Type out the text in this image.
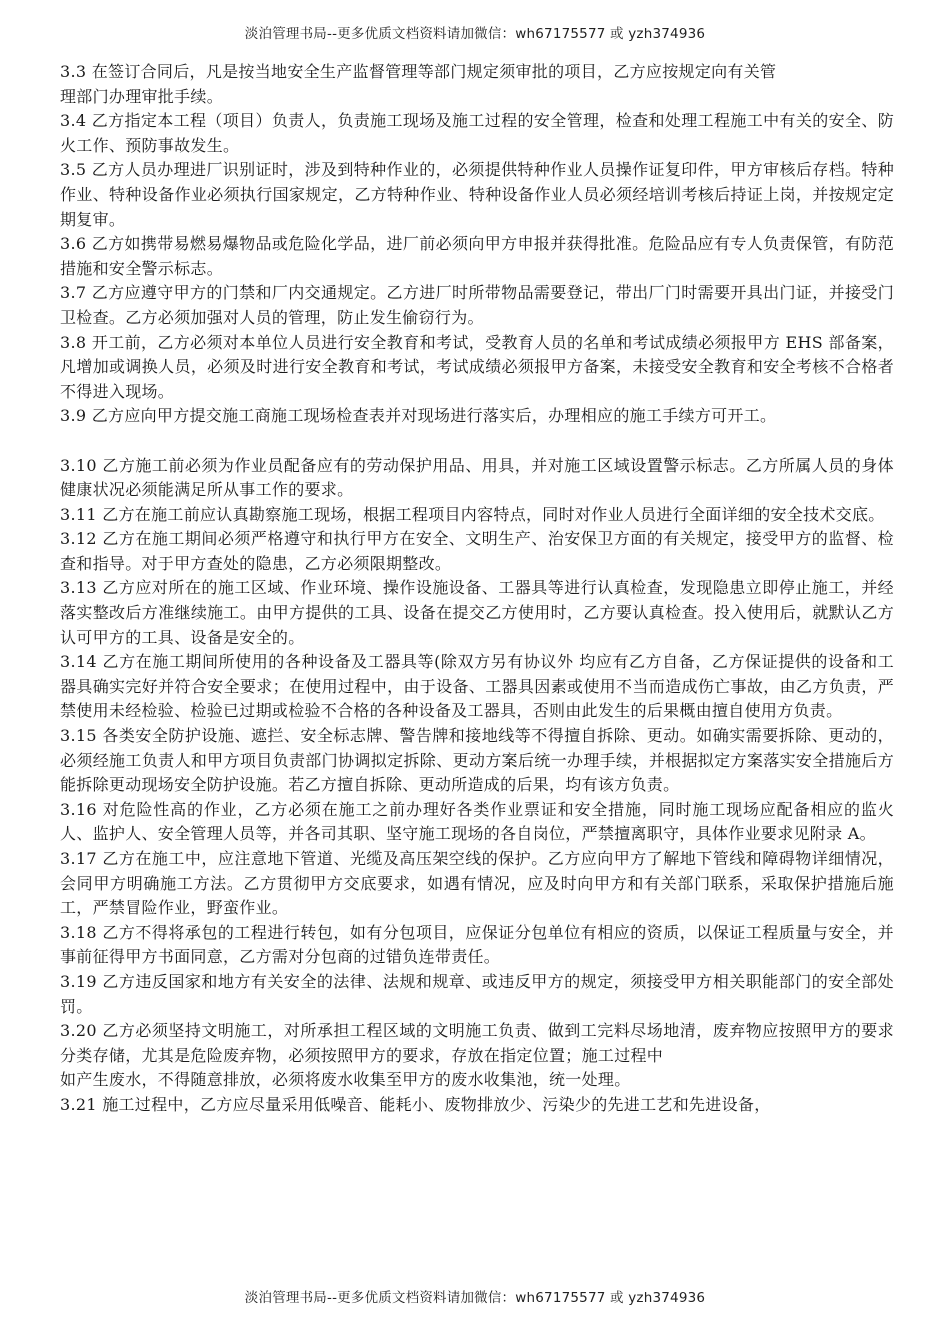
淡泊管理书局--更多优质文档资料请加微信：wh67175577 或 yzh374936

3.3 在签订合同后，凡是按当地安全生产监督管理等部门规定须审批的项目，乙方应按规定向有关管
理部门办理审批手续。

3.4 乙方指定本工程（项目）负责人，负责施工现场及施工过程的安全管理，检查和处理工程施工中有关的安全、防火工作、预防事故发生。

3.5 乙方人员办理进厂识别证时，涉及到特种作业的，必须提供特种作业人员操作证复印件，甲方审核后存档。特种作业、特种设备作业必须执行国家规定，乙方特种作业、特种设备作业人员必须经培训考核后持证上岗，并按规定定期复审。

3.6 乙方如携带易燃易爆物品或危险化学品，进厂前必须向甲方申报并获得批准。危险品应有专人负责保管，有防范措施和安全警示标志。

3.7 乙方应遵守甲方的门禁和厂内交通规定。乙方进厂时所带物品需要登记，带出厂门时需要开具出门证，并接受门卫检查。乙方必须加强对人员的管理，防止发生偷窃行为。

3.8 开工前，乙方必须对本单位人员进行安全教育和考试，受教育人员的名单和考试成绩必须报甲方 EHS 部备案，凡增加或调换人员，必须及时进行安全教育和考试，考试成绩必须报甲方备案，未接受安全教育和安全考核不合格者不得进入现场。

3.9 乙方应向甲方提交施工商施工现场检查表并对现场进行落实后，办理相应的施工手续方可开工。

3.10 乙方施工前必须为作业员配备应有的劳动保护用品、用具，并对施工区域设置警示标志。乙方所属人员的身体健康状况必须能满足所从事工作的要求。

3.11 乙方在施工前应认真勘察施工现场，根据工程项目内容特点，同时对作业人员进行全面详细的安全技术交底。

3.12 乙方在施工期间必须严格遵守和执行甲方在安全、文明生产、治安保卫方面的有关规定，接受甲方的监督、检查和指导。对于甲方查处的隐患，乙方必须限期整改。

3.13 乙方应对所在的施工区域、作业环境、操作设施设备、工器具等进行认真检查，发现隐患立即停止施工，并经落实整改后方准继续施工。由甲方提供的工具、设备在提交乙方使用时，乙方要认真检查。投入使用后，就默认乙方认可甲方的工具、设备是安全的。

3.14 乙方在施工期间所使用的各种设备及工器具等(除双方另有协议外 均应有乙方自备，乙方保证提供的设备和工器具确实完好并符合安全要求；在使用过程中，由于设备、工器具因素或使用不当而造成伤亡事故，由乙方负责，严禁使用未经检验、检验已过期或检验不合格的各种设备及工器具，否则由此发生的后果概由擅自使用方负责。

3.15 各类安全防护设施、遮拦、安全标志牌、警告牌和接地线等不得擅自拆除、更动。如确实需要拆除、更动的，必须经施工负责人和甲方项目负责部门协调拟定拆除、更动方案后统一办理手续，并根据拟定方案落实安全措施后方能拆除更动现场安全防护设施。若乙方擅自拆除、更动所造成的后果，均有该方负责。

3.16 对危险性高的作业，乙方必须在施工之前办理好各类作业票证和安全措施，同时施工现场应配备相应的监火人、监护人、安全管理人员等，并各司其职、坚守施工现场的各自岗位，严禁擅离职守，具体作业要求见附录 A。

3.17 乙方在施工中，应注意地下管道、光缆及高压架空线的保护。乙方应向甲方了解地下管线和障碍物详细情况，会同甲方明确施工方法。乙方贯彻甲方交底要求，如遇有情况，应及时向甲方和有关部门联系，采取保护措施后施工，严禁冒险作业，野蛮作业。

3.18 乙方不得将承包的工程进行转包，如有分包项目，应保证分包单位有相应的资质，以保证工程质量与安全，并事前征得甲方书面同意，乙方需对分包商的过错负连带责任。

3.19 乙方违反国家和地方有关安全的法律、法规和规章、或违反甲方的规定，须接受甲方相关职能部门的安全部处罚。

3.20 乙方必须坚持文明施工，对所承担工程区域的文明施工负责、做到工完料尽场地清，废弃物应按照甲方的要求分类存储，尤其是危险废弃物，必须按照甲方的要求，存放在指定位置；施工过程中
如产生废水，不得随意排放，必须将废水收集至甲方的废水收集池，统一处理。

3.21 施工过程中，乙方应尽量采用低噪音、能耗小、废物排放少、污染少的先进工艺和先进设备，

淡泊管理书局--更多优质文档资料请加微信：wh67175577 或 yzh374936
